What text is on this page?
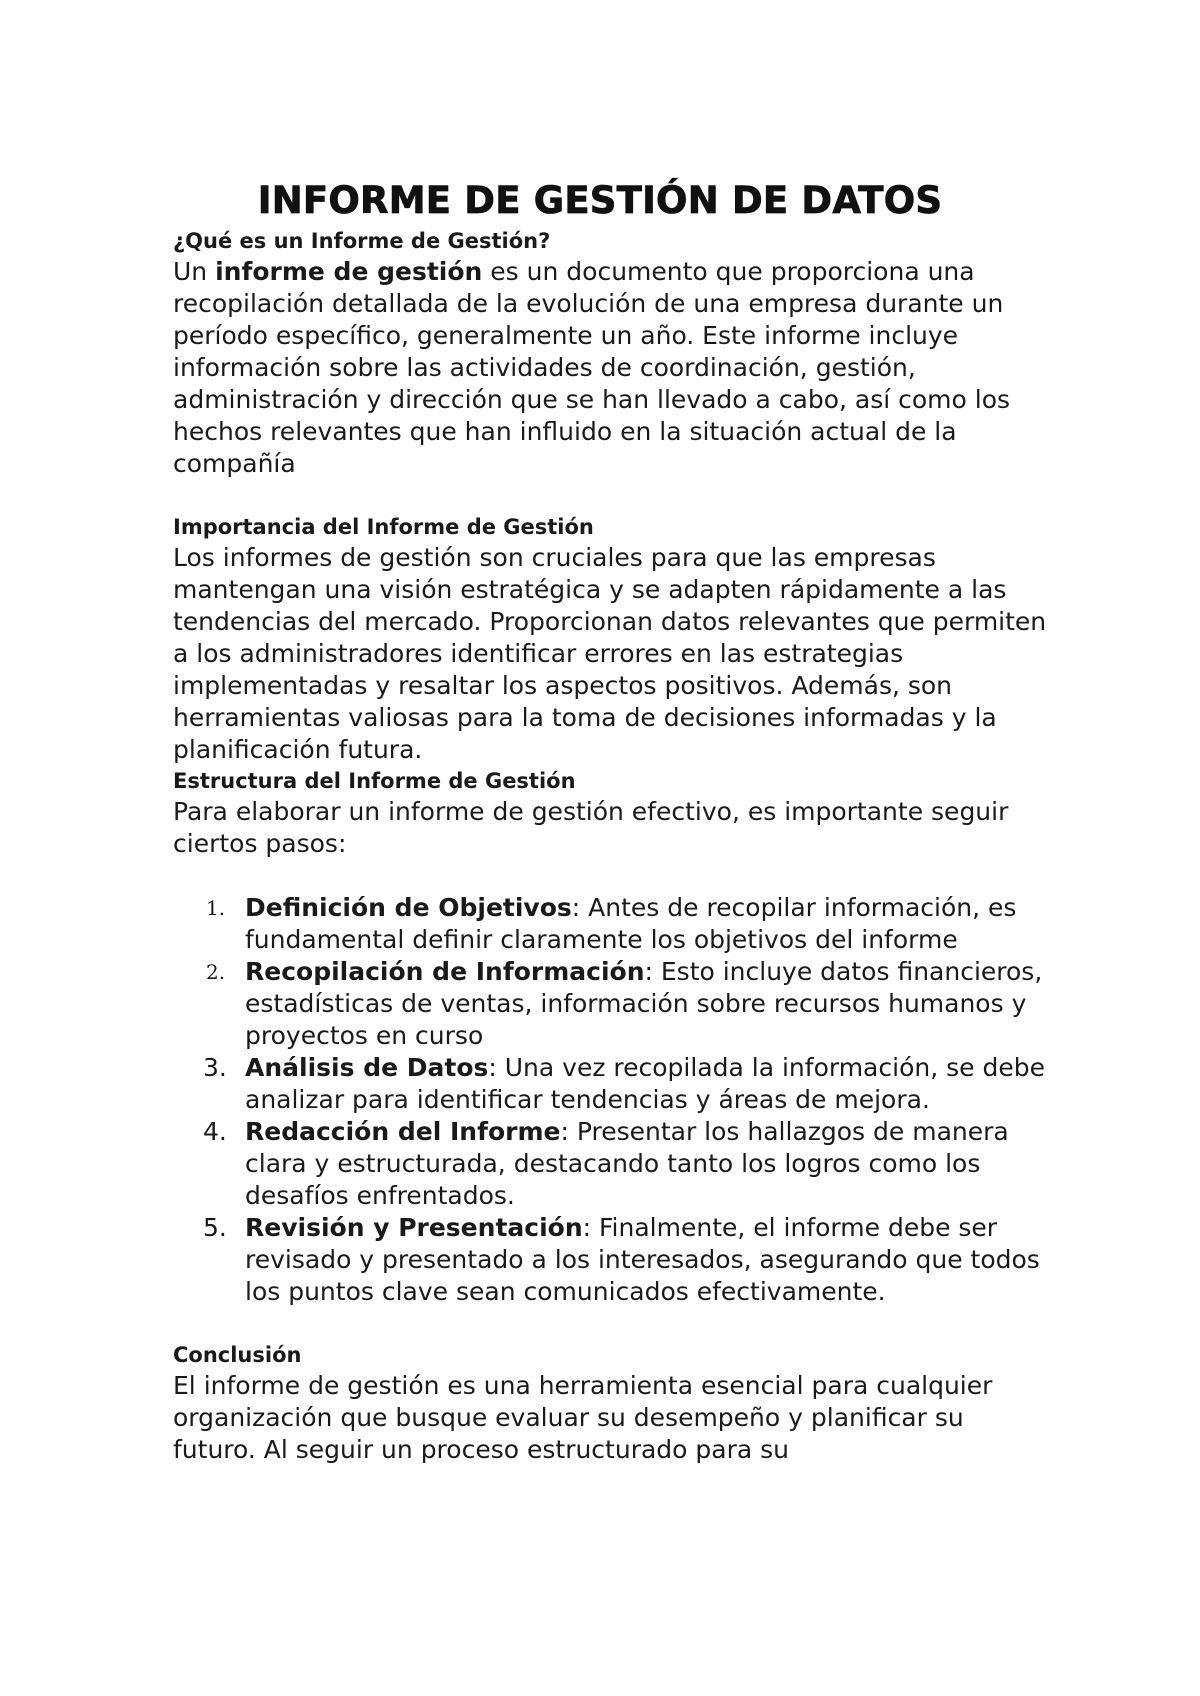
INFORME DE GESTIÓN DE DATOS

¿Qué es un Informe de Gestión?

Un informe de gestión es un documento que proporciona una recopilación detallada de la evolución de una empresa durante un período específico, generalmente un año. Este informe incluye información sobre las actividades de coordinación, gestión, administración y dirección que se han llevado a cabo, así como los hechos relevantes que han influido en la situación actual de la compañía

Importancia del Informe de Gestión

Los informes de gestión son cruciales para que las empresas mantengan una visión estratégica y se adapten rápidamente a las tendencias del mercado. Proporcionan datos relevantes que permiten a los administradores identificar errores en las estrategias implementadas y resaltar los aspectos positivos. Además, son herramientas valiosas para la toma de decisiones informadas y la planificación futura.

Estructura del Informe de Gestión

Para elaborar un informe de gestión efectivo, es importante seguir ciertos pasos:

1. Definición de Objetivos: Antes de recopilar información, es fundamental definir claramente los objetivos del informe
2. Recopilación de Información: Esto incluye datos financieros, estadísticas de ventas, información sobre recursos humanos y proyectos en curso
3. Análisis de Datos: Una vez recopilada la información, se debe analizar para identificar tendencias y áreas de mejora.
4. Redacción del Informe: Presentar los hallazgos de manera clara y estructurada, destacando tanto los logros como los desafíos enfrentados.
5. Revisión y Presentación: Finalmente, el informe debe ser revisado y presentado a los interesados, asegurando que todos los puntos clave sean comunicados efectivamente.

Conclusión

El informe de gestión es una herramienta esencial para cualquier organización que busque evaluar su desempeño y planificar su futuro. Al seguir un proceso estructurado para su
